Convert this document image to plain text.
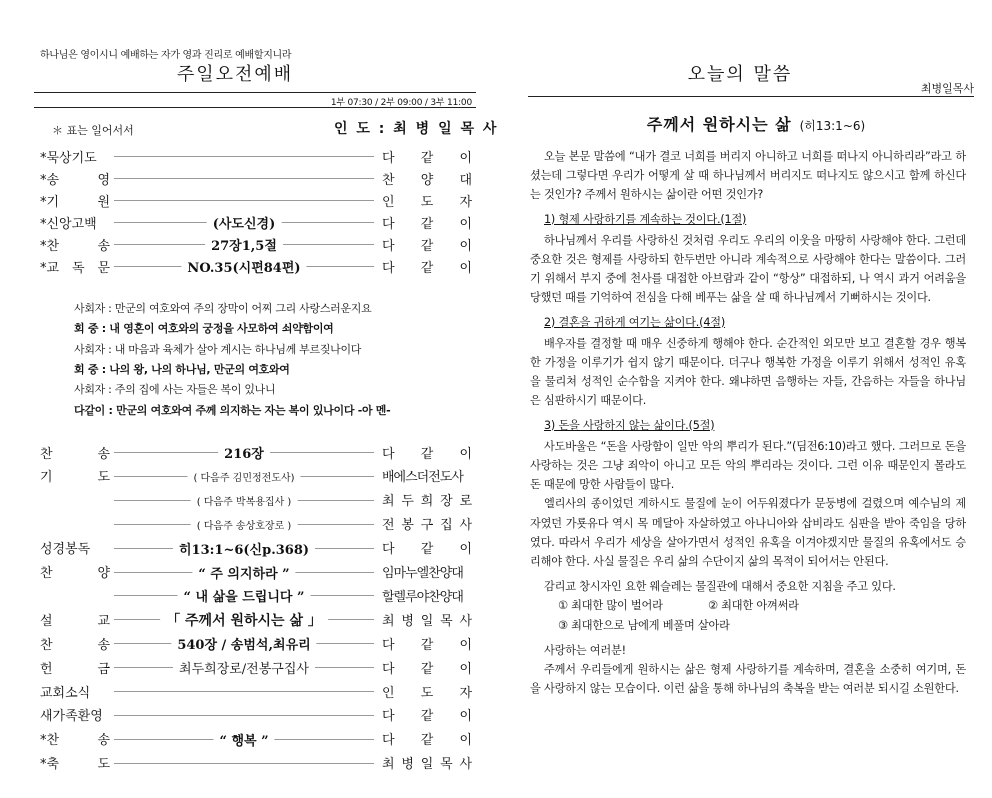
하나님은 영이시니 예배하는 자가 영과 진리로 예배할지니라
주일오전예배
1부 07:30 / 2부 09:00 / 3부 11:00
＊ 표는 일어서서	인 도 : 최 병 일 목 사
*묵상기도	다 같 이
*송	영	찬 양 대
*기	원	인 도 자
*신앙고백	(사도신경)	다 같 이
*찬	송	27장1,5절	다 같 이
*교 독 문	NO.35(시편84편)	다 같 이
사회자 : 만군의 여호와여 주의 장막이 어찌 그리 사랑스러운지요
회 중 : 내 영혼이 여호와의 궁정을 사모하여 쇠약함이여
사회자 : 내 마음과 육체가 살아 계시는 하나님께 부르짖나이다
회 중 : 나의 왕, 나의 하나님, 만군의 여호와여
사회자 : 주의 집에 사는 자들은 복이 있나니
다같이 : 만군의 여호와여 주께 의지하는 자는 복이 있나이다 -아 멘-
찬	송	216장	다 같 이
기	도	( 다음주 김민정전도사)	배에스더전도사
( 다음주 박복용집사 )	최 두 희 장 로
( 다음주 송상호장로 )	전 봉 구 집 사
성경봉독	히13:1~6(신p.368)	다 같 이
찬	양	“ 주 의지하라 ”	임마누엘찬양대
“ 내 삶을 드립니다 ”	할렐루야찬양대
설	교	「 주께서 원하시는 삶 」	최 병 일 목 사
찬	송	540장 / 송범석,최유리	다 같 이
헌	금	최두희장로/전봉구집사	다 같 이
교회소식	인 도 자
새가족환영	다 같 이
*찬	송	“ 행복 ”	다 같 이
*축	도	최 병 일 목 사
오늘의 말씀
최병일목사
주께서 원하시는 삶 (히13:1~6)

오늘 본문 말씀에 “내가 결코 너희를 버리지 아니하고 너희를 떠나지 아니하리라”라고 하셨는데 그렇다면 우리가 어떻게 살 때 하나님께서 버리지도 떠나지도 않으시고 함께 하신다는 것인가? 주께서 원하시는 삶이란 어떤 것인가?

1) 형제 사랑하기를 계속하는 것이다.(1절)

하나님께서 우리를 사랑하신 것처럼 우리도 우리의 이웃을 마땅히 사랑해야 한다. 그런데 중요한 것은 형제를 사랑하되 한두번만 아니라 계속적으로 사랑해야 한다는 말씀이다. 그러기 위해서 부지 중에 천사를 대접한 아브람과 같이 “항상” 대접하되, 나 역시 과거 어려움을 당했던 때를 기억하여 전심을 다해 베푸는 삶을 살 때 하나님께서 기뻐하시는 것이다.

2) 결혼을 귀하게 여기는 삶이다.(4절)

배우자를 결정할 때 매우 신중하게 행해야 한다. 순간적인 외모만 보고 결혼할 경우 행복한 가정을 이루기가 쉽지 않기 때문이다. 더구나 행복한 가정을 이루기 위해서 성적인 유혹을 물리쳐 성적인 순수함을 지켜야 한다. 왜냐하면 음행하는 자들, 간음하는 자들을 하나님은 심판하시기 때문이다.

3) 돈을 사랑하지 않는 삶이다.(5절)

사도바울은 “돈을 사랑함이 일만 악의 뿌리가 된다.”(딤전6:10)라고 했다. 그러므로 돈을 사랑하는 것은 그냥 죄악이 아니고 모든 악의 뿌리라는 것이다. 그런 이유 때문인지 몰라도 돈 때문에 망한 사람들이 많다.

엘리사의 종이었던 게하시도 물질에 눈이 어두워졌다가 문둥병에 걸렸으며 예수님의 제자였던 가룟유다 역시 목 메달아 자살하였고 아나니아와 삽비라도 심판을 받아 죽임을 당하였다. 따라서 우리가 세상을 살아가면서 성적인 유혹을 이겨야겠지만 물질의 유혹에서도 승리해야 한다. 사실 물질은 우리 삶의 수단이지 삶의 목적이 되어서는 안된다.

감리교 창시자인 요한 웨슬레는 물질관에 대해서 중요한 지침을 주고 있다.

① 최대한 많이 벌어라	② 최대한 아껴써라
③ 최대한으로 남에게 베풀며 살아라

사랑하는 여러분!

주께서 우리들에게 원하시는 삶은 형제 사랑하기를 계속하며, 결혼을 소중히 여기며, 돈을 사랑하지 않는 모습이다. 이런 삶을 통해 하나님의 축복을 받는 여러분 되시길 소원한다.
